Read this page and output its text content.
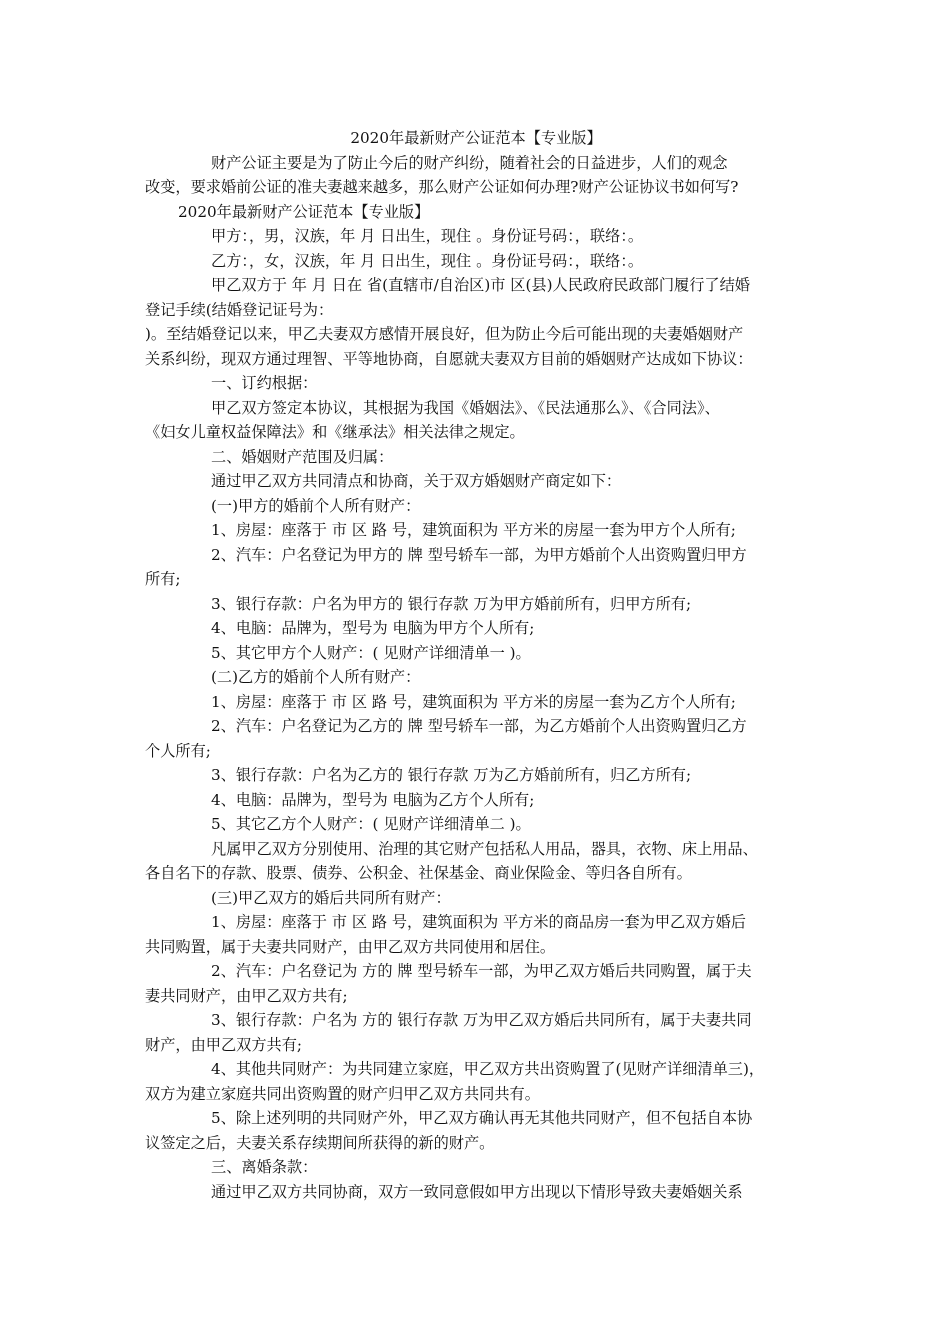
2020年最新财产公证范本【专业版】

财产公证主要是为了防止今后的财产纠纷，随着社会的日益进步，人们的观念

改变，要求婚前公证的准夫妻越来越多，那么财产公证如何办理?财产公证协议书如何写?

2020年最新财产公证范本【专业版】

甲方：，男，汉族，年 月 日出生，现住 。身份证号码：，联络：。

乙方：，女，汉族，年 月 日出生，现住 。身份证号码：，联络：。

甲乙双方于 年 月 日在 省(直辖市/自治区)市 区(县)人民政府民政部门履行了结婚

登记手续(结婚登记证号为：

)。至结婚登记以来，甲乙夫妻双方感情开展良好，但为防止今后可能出现的夫妻婚姻财产

关系纠纷，现双方通过理智、平等地协商，自愿就夫妻双方目前的婚姻财产达成如下协议：

一、订约根据：

甲乙双方签定本协议，其根据为我国《婚姻法》、《民法通那么》、《合同法》、

《妇女儿童权益保障法》和《继承法》相关法律之规定。

二、婚姻财产范围及归属：

通过甲乙双方共同清点和协商，关于双方婚姻财产商定如下：

(一)甲方的婚前个人所有财产：

1、房屋：座落于 市 区 路 号，建筑面积为 平方米的房屋一套为甲方个人所有;

2、汽车：户名登记为甲方的 牌 型号轿车一部，为甲方婚前个人出资购置归甲方

所有;

3、银行存款：户名为甲方的 银行存款 万为甲方婚前所有，归甲方所有;

4、电脑：品牌为，型号为 电脑为甲方个人所有;

5、其它甲方个人财产：( 见财产详细清单一 )。

(二)乙方的婚前个人所有财产：

1、房屋：座落于 市 区 路 号，建筑面积为 平方米的房屋一套为乙方个人所有;

2、汽车：户名登记为乙方的 牌 型号轿车一部，为乙方婚前个人出资购置归乙方

个人所有;

3、银行存款：户名为乙方的 银行存款 万为乙方婚前所有，归乙方所有;

4、电脑：品牌为，型号为 电脑为乙方个人所有;

5、其它乙方个人财产：( 见财产详细清单二 )。

凡属甲乙双方分别使用、治理的其它财产包括私人用品，器具，衣物、床上用品、

各自名下的存款、股票、债券、公积金、社保基金、商业保险金、等归各自所有。

(三)甲乙双方的婚后共同所有财产：

1、房屋：座落于 市 区 路 号，建筑面积为 平方米的商品房一套为甲乙双方婚后

共同购置，属于夫妻共同财产，由甲乙双方共同使用和居住。

2、汽车：户名登记为 方的 牌 型号轿车一部，为甲乙双方婚后共同购置，属于夫

妻共同财产，由甲乙双方共有;

3、银行存款：户名为 方的 银行存款 万为甲乙双方婚后共同所有，属于夫妻共同

财产，由甲乙双方共有;

4、其他共同财产：为共同建立家庭，甲乙双方共出资购置了(见财产详细清单三)，

双方为建立家庭共同出资购置的财产归甲乙双方共同共有。

5、除上述列明的共同财产外，甲乙双方确认再无其他共同财产，但不包括自本协

议签定之后，夫妻关系存续期间所获得的新的财产。

三、离婚条款：

通过甲乙双方共同协商，双方一致同意假如甲方出现以下情形导致夫妻婚姻关系
